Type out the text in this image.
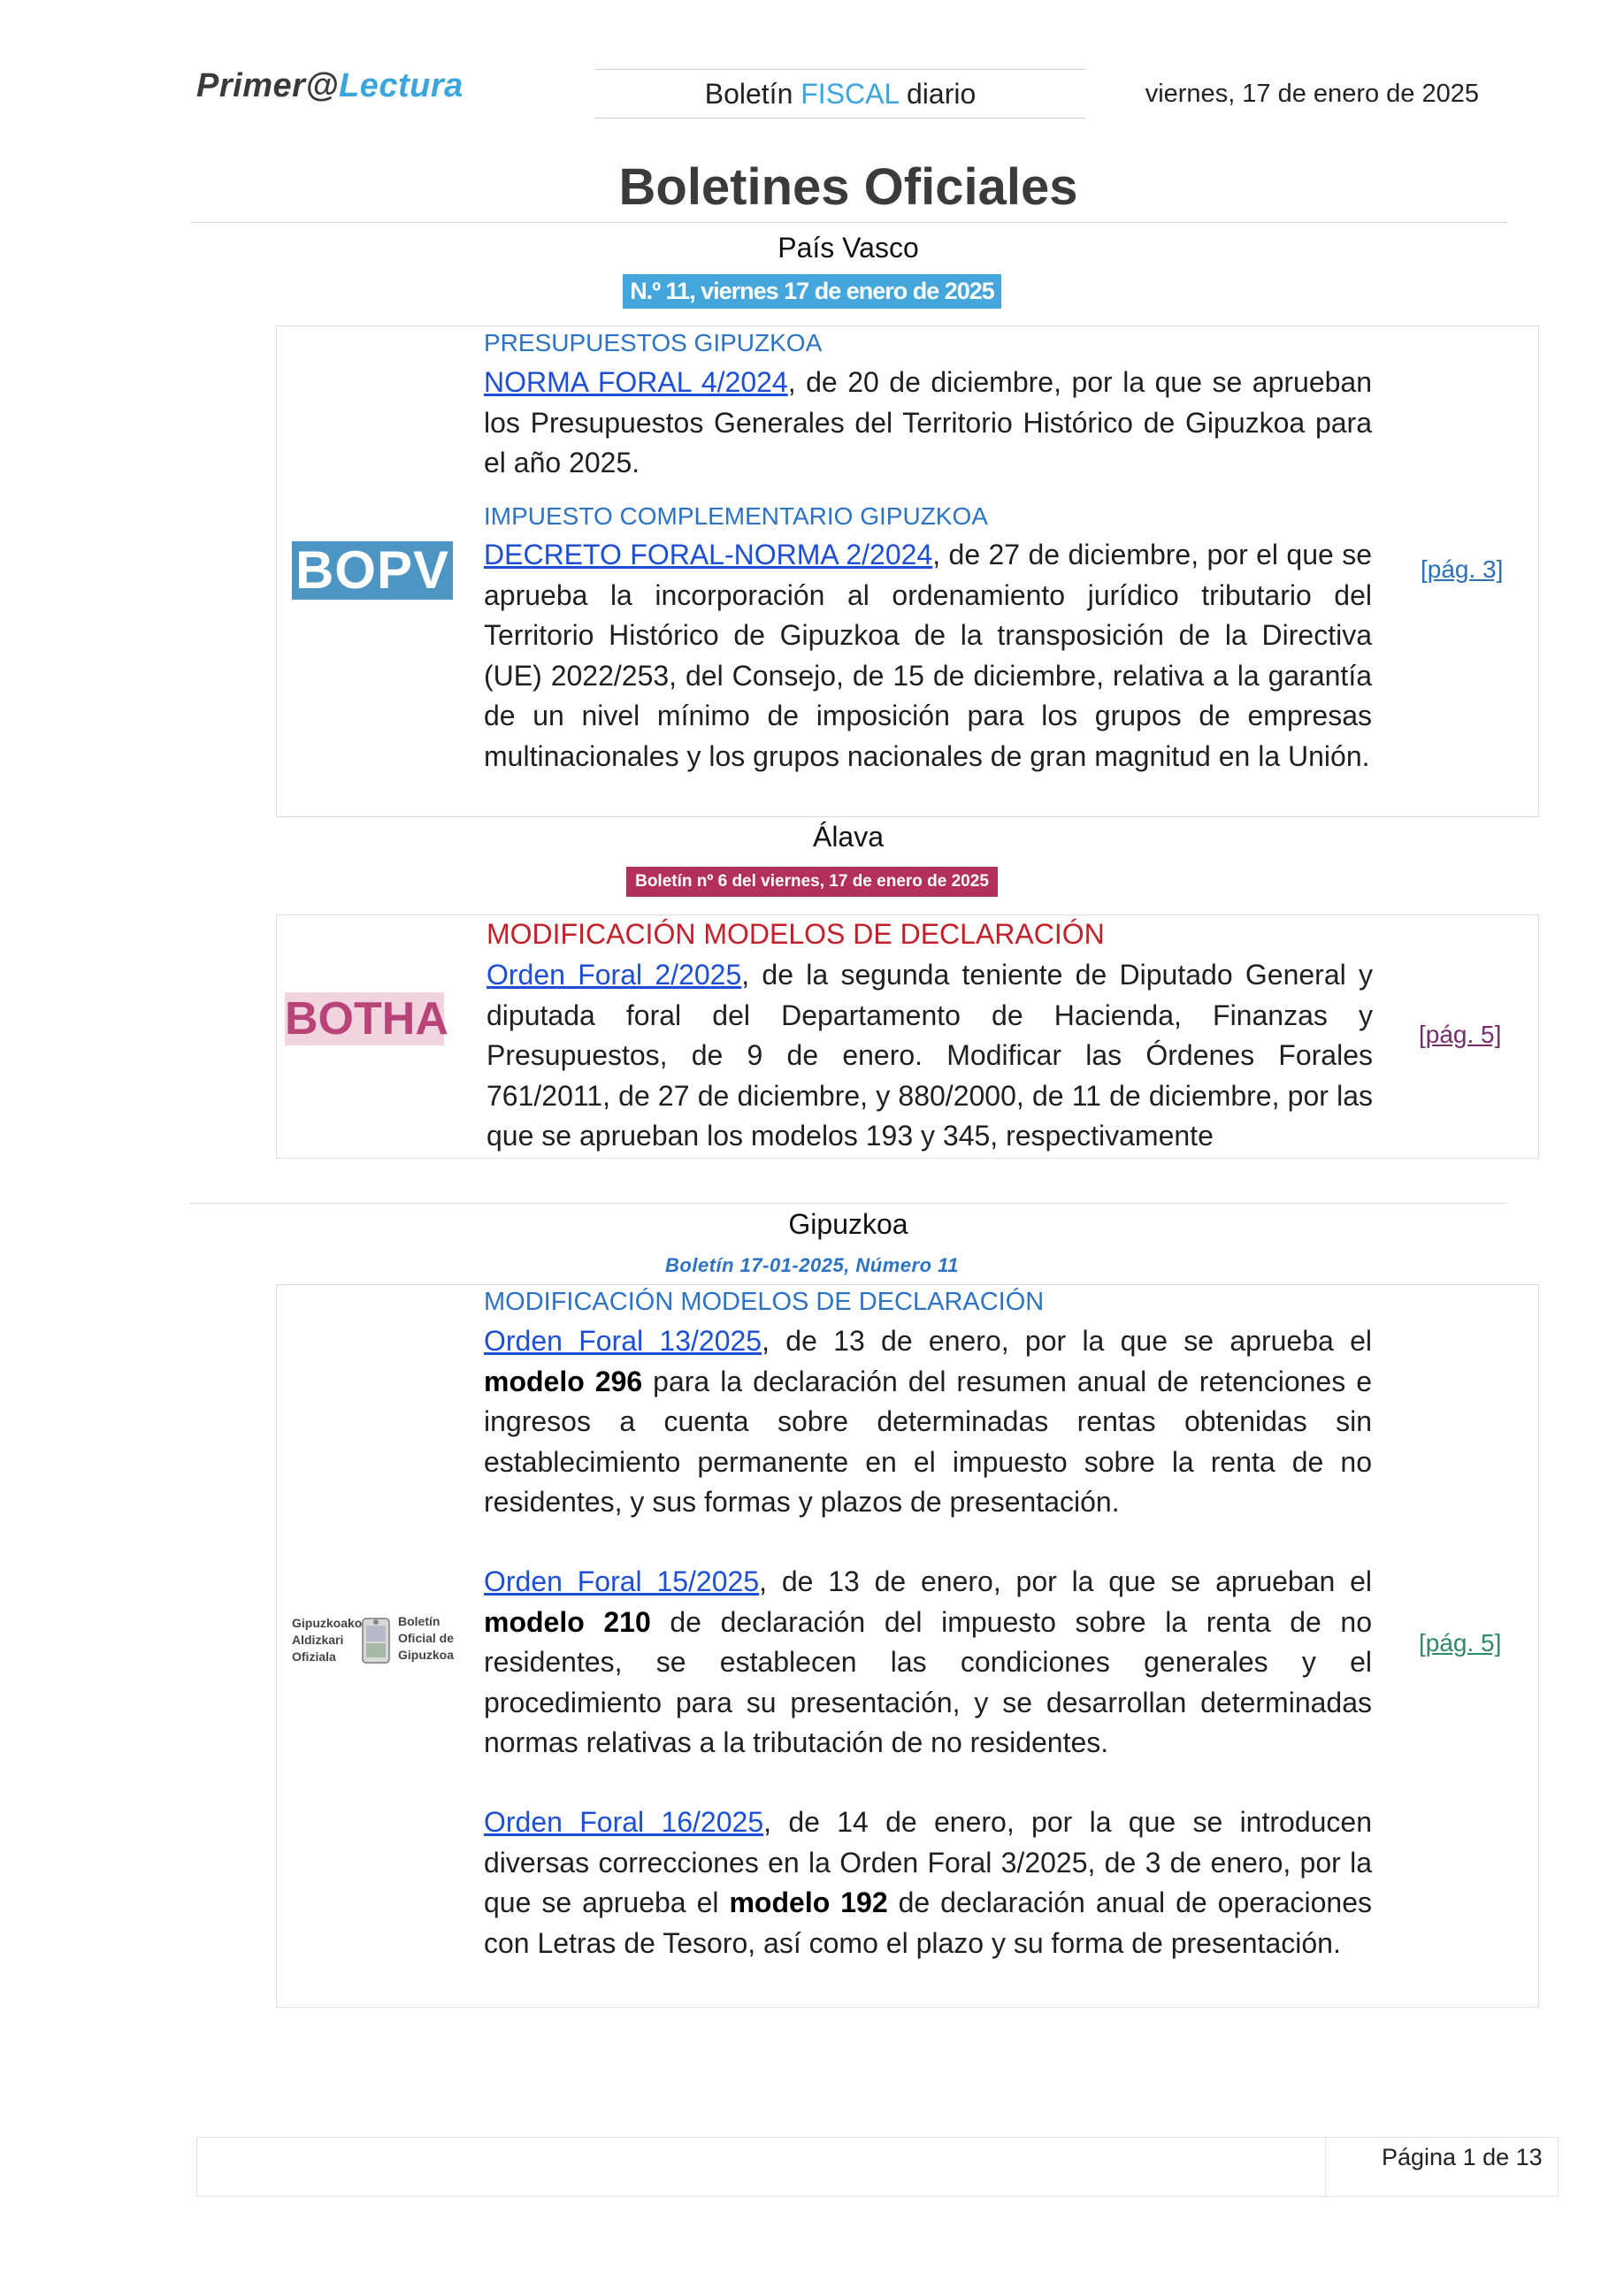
Primer@Lectura	Boletín FISCAL diario	viernes, 17 de enero de 2025
Boletines Oficiales
País Vasco
N.º 11, viernes 17 de enero de 2025
BOPV
PRESUPUESTOS GIPUZKOA
NORMA FORAL 4/2024, de 20 de diciembre, por la que se aprueban los Presupuestos Generales del Territorio Histórico de Gipuzkoa para el año 2025.
IMPUESTO COMPLEMENTARIO GIPUZKOA
DECRETO FORAL-NORMA 2/2024, de 27 de diciembre, por el que se aprueba la incorporación al ordenamiento jurídico tributario del Territorio Histórico de Gipuzkoa de la transposición de la Directiva (UE) 2022/253, del Consejo, de 15 de diciembre, relativa a la garantía de un nivel mínimo de imposición para los grupos de empresas multinacionales y los grupos nacionales de gran magnitud en la Unión.
[pág. 3]
Álava
Boletín nº 6 del viernes, 17 de enero de 2025
BOTHA
MODIFICACIÓN MODELOS DE DECLARACIÓN
Orden Foral 2/2025, de la segunda teniente de Diputado General y diputada foral del Departamento de Hacienda, Finanzas y Presupuestos, de 9 de enero. Modificar las Órdenes Forales 761/2011, de 27 de diciembre, y 880/2000, de 11 de diciembre, por las que se aprueban los modelos 193 y 345, respectivamente
[pág. 5]
Gipuzkoa
Boletín 17-01-2025, Número 11
Gipuzkoako Aldizkari Ofiziala
Boletín Oficial de Gipuzkoa
MODIFICACIÓN MODELOS DE DECLARACIÓN
Orden Foral 13/2025, de 13 de enero, por la que se aprueba el modelo 296 para la declaración del resumen anual de retenciones e ingresos a cuenta sobre determinadas rentas obtenidas sin establecimiento permanente en el impuesto sobre la renta de no residentes, y sus formas y plazos de presentación.
Orden Foral 15/2025, de 13 de enero, por la que se aprueban el modelo 210 de declaración del impuesto sobre la renta de no residentes, se establecen las condiciones generales y el procedimiento para su presentación, y se desarrollan determinadas normas relativas a la tributación de no residentes.
Orden Foral 16/2025, de 14 de enero, por la que se introducen diversas correcciones en la Orden Foral 3/2025, de 3 de enero, por la que se aprueba el modelo 192 de declaración anual de operaciones con Letras de Tesoro, así como el plazo y su forma de presentación.
[pág. 5]
Página 1 de 13
